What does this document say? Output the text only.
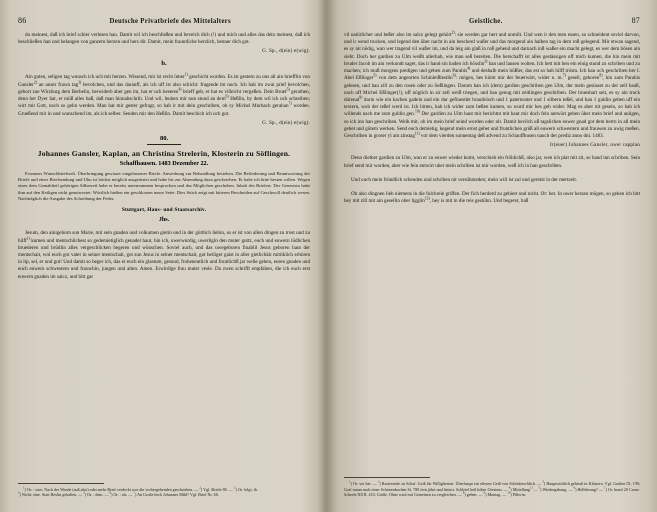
86	Deutsche Privatbriefe des Mittelalters

du meinest, daß ich brief schier verlesen han. Damit wil ich beschließen und bevelch dich (!) und mich und alles das dein meinest, daß ich beschließen han und belangen von ganzem herzen und hers dir. Damit, mein frauntliche herzlich, benner dich got.

G. Sp., d(ein) e(wig).
b.

Ain guten, seligen tag wunsch ich uch mit herzen. Wissend, mir ist recht ümer$^{1)}$ geschicht worden. Es ist gestern zu uns all ain briefflin von Gansler$^{2)}$ an unser frawn tag$^{3)}$ bevolchen, und das darauff, als ich uff ist also schicht: fragende im noch. Ich hab im zwai prief bevolchen, gehort zue Wirzburg dem Berbelin, herwiderb aber gen im, hat er uch beseren$^{4)}$ brieff geb, er hat es villeicht vergeßen. Dein Bruef$^{5)}$ gerathen, denn her Dyer hat, er müß alles baß, daß man hinnabschrib. Und wil, leuben mir nun stund an dem$^{6)}$ Heßlin, by dem wil ich uch schreiben; wirt mit Gott, noch so gehn werden. Man hat mir gester gefragt, so hab ir mit dein geschriben, ob sy Michel Murbach gerahan$^{7)}$ worden. Grueßend mir in und wunschend im, als ich selber. Senden mir den Heßlin. Damit beschich ich uch got.

G. Sp., d(ein) e(wig).
80.
Johannes Gansler, Kaplan, an Christina Strelerin, Klosterin zu Söflingen.
Schaffhausen. 1483 Dezember 22.
Frommer Wunschbriefwelt. Überbringung gewisser eingelassener Briefe. Anwerbung zur Behandlung bestehen. Die Beförderung und Beantwortung der Briefe und einer Briefsendung und Uhu ist höchst möglich ausgerüstet und habe bis zur Absendung dazu geschrieben. Er habe ich bitte besten willen. Wegen eines dem Gemahlteil gehörigen Silberreif habe er bereits unternommen besprochen und das Möglichen geschehen. Inhalt des Briefest. Der Genesisin habe ihm auf den Keiligen nicht geantwortet. Wörtlich hießen ein geschlossen neuer Seite. Dies Stück zeigt mit bitteren Bescheiden auf Geschwoll deutlich wesen. Nachträglich die Ausgabe des Schreibung der Feder.
Stuttgart, Haus- und Staatsarchiv.
Jhs.

Jesum, den ainigeborn sun Marie, mit sein gnaden und volkumen gietin und in der göttlich liebin, so er ist von allen dingen zu trost und zu hilff$^{1)}$ kumen und mentschlichest so gedemietiglich genadet haut, bin ich, uwerwurdig, uwerligin den muter gottz, euch und euwern lüdlichen bruederen und brüdlin alles vergeschlicken begeren und wünschen. Soviel auch, und das uwegeboren finablil Jesus geboren haut der mentschait, wol euch got vater in seiner mentschait, got sun Jesus in seiner mentschait, got heiliger gaist in aller gietlichkit mittiklich erhören in lip, sel, er und gut! Und damit so beger ich, das er euch ein glastum, gesund, froheneutlich und fruntlichß jar welle geben, euren gnaden und euch euwern schwestern und frauwbin, jungen und alten. Amen. Erwirdige frau muter vesle. Da zwen schrifft empfahen, die ich euch erst euwern gnaden im salcz, und bitt gar

$^1$) Or. : wier. Nach der Wende (auß also) oder mehr Brief verdeckt wor die vorhergehenden geschrieben. — $^2$) Vgl. Briefe 80. — $^3$) Or. folgt: ib.
$^4$) Nicht: eine. Statt Heslin gehalten. — $^5$) Or. : dem. — $^6$) Or. : als. — $^7$) An Große beck Johannes Mihl? Vgl. Brief Nr. 66.

Geistliche.	87

vil natürlicher und beßer also im salcz gelegt gehört$^{2)}$: sie werden gar hert und unmilt. Und wen ir den men essen, so schneident soviel darvon, und ir wend trucken, und legend den über nacht in ain bescherd waßer und das morgend ain halben tag in dem roß gelegend. Mir etwan sagend, es sy nit nödig, wan wer tragend vil waßer im, und da leig ain glaß in roß gehend und darnach inß waßer ein macht gelegt, es wer dem bösen ain siebt. Doch her gardien zu Ulm weißt allerhab, wie man seß bereiten. Die herschafft ist alles gestässigen uff mich kumen, die hin mein mit bruder Jacob im ain verkundt saget, das ir hand sin baden ich hösslin$^{3)}$ han und lausen wolten. Ich hett mit hen ein einig stund zu schriben und zu machen; ich muß morgens predigen und geben zum Parabis$^{4)}$ und deshalb mein hößler, das est so hab hilff tröstn. Ich han och geschriben her I. Abel Eßlinger$^{5)}$ von dem angeorten Schinleißlestlin$^{6)}$: mögen, hes kümt mir der feuerwärt, wider n. m.$^{7)}$ gesell, gehoren$^{8)}$, hin zum Parabis gelesen, und hau zill zu den rosen oder zu Seßlingen. Darum han ich (dem) gardien geschriben gen Ulm, der mein gesüsset zu der zell hauß, nach uff Michel Eßlinger(!), uff nöglich in sir zell weiß triegen, und han genug mit zeitlingen geschriben. Der brueshart seit, es sy ain truck dürenal$^{9)}$ darin wie ein kachen gadein und ein dur gefinestlet brautbösch und 1 paternoster und 1 silbern teßel, und han 1 guldin geben uff ein textern, wob der teßel werd ist. Ich bitten, hab ich wider zum beßen kumen, so wurd mir hes geb wider. Mag es aber nit gesein, so hab ich willends nach me zum guldin gen.$^{10)}$ Der gardien zu Ulm haut mir berichtnt mit haut mir doch fein antwürt geben über mein brief und anligen, so ich inn han geschriben. Weib mit, ob im mein brief seind worden oder nit. Damit bevilch uß tagslichen euwer gnad got dem herrn in all mein gebet und gütem werken. Send euch demietig, kegend mein ernst gebet und fruntlichen grüß all euwern schwestern und frauwen zu uwig meßen. Geschriben in groser yl am zinstag$^{11)}$ vor dem vierden sunnentag deß advend zu Schauffhusen nauch der prediz anno dni. 1483.

Ir(euer) Johannes Gansler, uwer capplan

Denn diether gardien zu Ulm, wan er zu euwer wieder kumt, verschieb ein fröhlichß, also jar, wen ich plat mit zit, so hand inn schriben. Sein brief send mir worden, aber wie fein entwirt uber mein schriben ist mir worden, weß ich in han geschriben.

Und ouch mein fründlich schenden und schriben nit versühmeden; mein will ist zul und geretzt in der mertzeit.

Ob also dingnen lieb niemens in die fulchreie griffen. Der fich herderd zu gebiert und nicht. Or: ber. In uwer herzen mögen, so gehen ich bitt hey mit zill mit ain gesellin ober ligglin$^{12)}$, hey is mit in die reis gestühn. Und begeret, baß

$^1$) Or. ver her. — $^2$) Rasierende zu Schaf. Geiß für Willighesten. Überhaupt ein eltester Geiß von Schönbeschlich. — $^3$) Hauptsächlich gehäuft in Klöstern. Vgl. Graßen IX, 199; Graf mann nach einer Schönenbachen St. 780 fern jährt und lüstert. Schleiel beß höher Orestem. — $^4$) Mittellung$^{1)}$ — $^5$) Wiedergabung. — $^6$) Helblerung? — $^7$) Or. brauf 20 Crone. Schreib Nll II, 410, Größe, Ohne wird mit Gemeinen zu vergleichen. — $^8$) geben. — $^9$) Montag. — $^{10}$) Pillerin.
